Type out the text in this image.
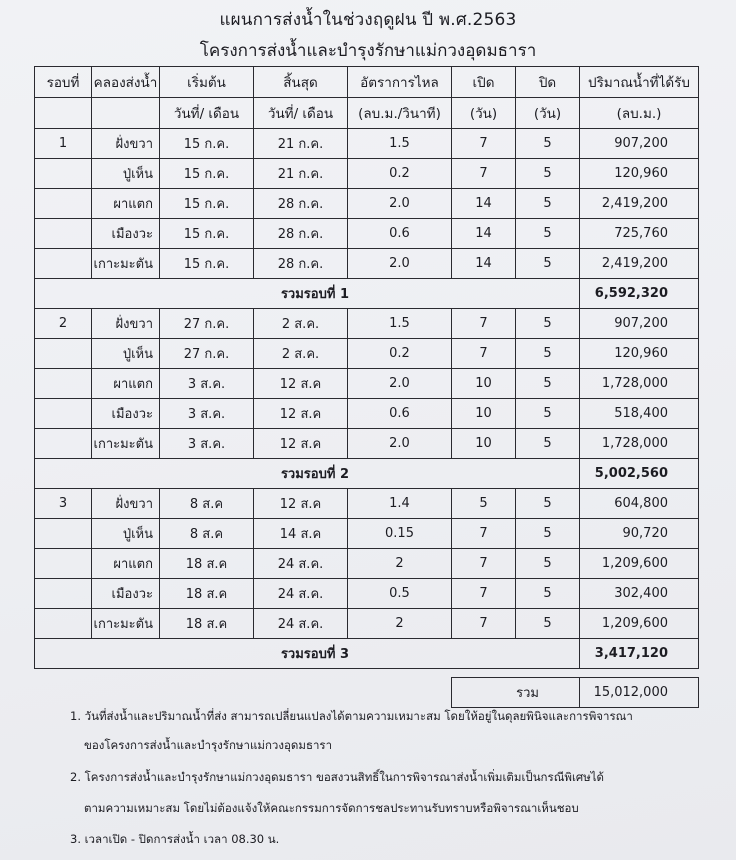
แผนการส่งน้ำในช่วงฤดูฝน ปี พ.ศ.2563
โครงการส่งน้ำและบำรุงรักษาแม่กวงอุดมธารา
รอบที่	คลองส่งน้ำ	เริ่มต้น	สิ้นสุด	อัตราการไหล	เปิด	ปิด	ปริมาณน้ำที่ได้รับ
		วันที่/ เดือน	วันที่/ เดือน	(ลบ.ม./วินาที)	(วัน)	(วัน)	(ลบ.ม.)
1	ฝั่งขวา	15 ก.ค.	21 ก.ค.	1.5	7	5	907,200
	ปู่เห็น	15 ก.ค.	21 ก.ค.	0.2	7	5	120,960
	ผาแตก	15 ก.ค.	28 ก.ค.	2.0	14	5	2,419,200
	เมืองวะ	15 ก.ค.	28 ก.ค.	0.6	14	5	725,760
	เกาะมะตัน	15 ก.ค.	28 ก.ค.	2.0	14	5	2,419,200
รวมรอบที่ 1							6,592,320
2	ฝั่งขวา	27 ก.ค.	2 ส.ค.	1.5	7	5	907,200
	ปู่เห็น	27 ก.ค.	2 ส.ค.	0.2	7	5	120,960
	ผาแตก	3 ส.ค.	12 ส.ค	2.0	10	5	1,728,000
	เมืองวะ	3 ส.ค.	12 ส.ค	0.6	10	5	518,400
	เกาะมะตัน	3 ส.ค.	12 ส.ค	2.0	10	5	1,728,000
รวมรอบที่ 2							5,002,560
3	ฝั่งขวา	8 ส.ค	12 ส.ค	1.4	5	5	604,800
	ปู่เห็น	8 ส.ค	14 ส.ค	0.15	7	5	90,720
	ผาแตก	18 ส.ค	24 ส.ค.	2	7	5	1,209,600
	เมืองวะ	18 ส.ค	24 ส.ค.	0.5	7	5	302,400
	เกาะมะตัน	18 ส.ค	24 ส.ค.	2	7	5	1,209,600
รวมรอบที่ 3							3,417,120

					รวม		15,012,000
1. วันที่ส่งน้ำและปริมาณน้ำที่ส่ง สามารถเปลี่ยนแปลงได้ตามความเหมาะสม โดยให้อยู่ในดุลยพินิจและการพิจารณา
ของโครงการส่งน้ำและบำรุงรักษาแม่กวงอุดมธารา
2. โครงการส่งน้ำและบำรุงรักษาแม่กวงอุดมธารา ขอสงวนสิทธิ์ในการพิจารณาส่งน้ำเพิ่มเติมเป็นกรณีพิเศษได้
ตามความเหมาะสม โดยไม่ต้องแจ้งให้คณะกรรมการจัดการชลประทานรับทราบหรือพิจารณาเห็นชอบ
3. เวลาเปิด - ปิดการส่งน้ำ เวลา 08.30 น.
